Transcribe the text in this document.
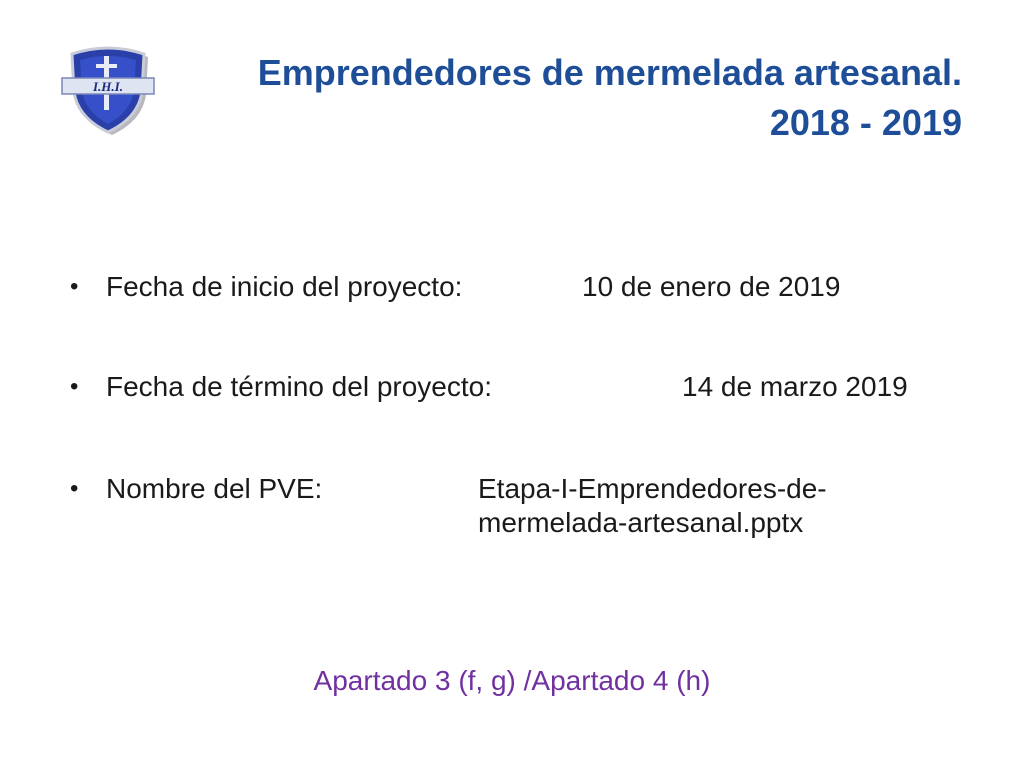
I.H.I.	Emprendedores de mermelada artesanal.
2018 - 2019
• Fecha de inicio del proyecto:	10 de enero de 2019
• Fecha de término del proyecto:	14 de marzo 2019
• Nombre del PVE:	Etapa-I-Emprendedores-de-
mermelada-artesanal.pptx
Apartado 3 (f, g) /Apartado 4 (h)
